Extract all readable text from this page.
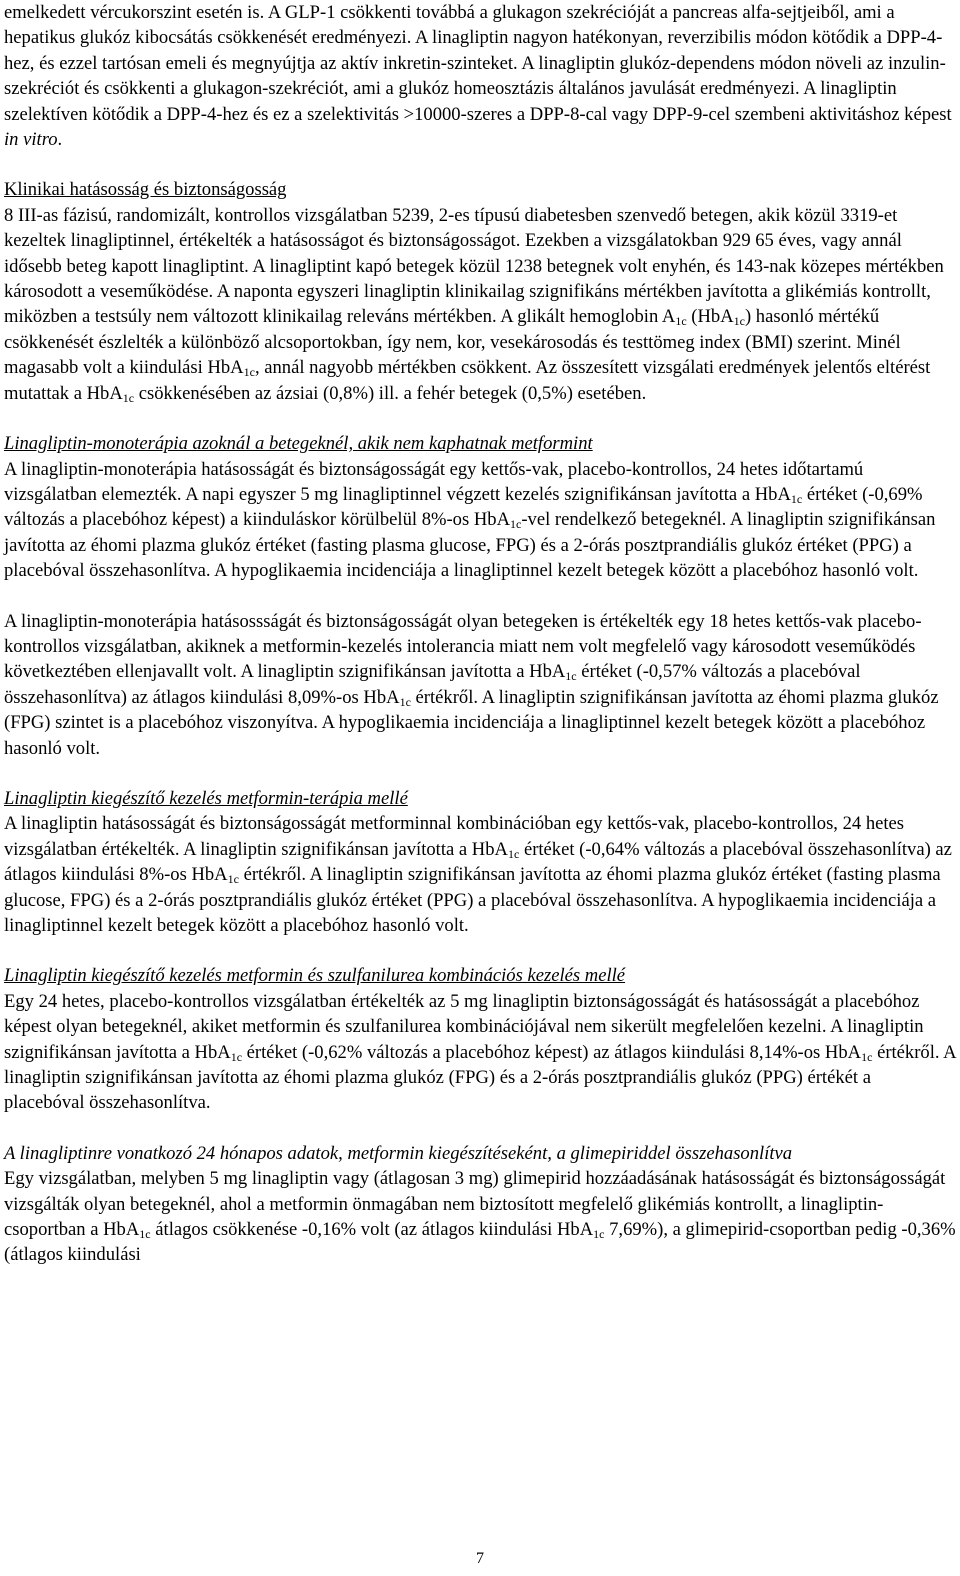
emelkedett vércukorszint esetén is. A GLP-1 csökkenti továbbá a glukagon szekrécióját a pancreas alfa-sejtjeiből, ami a hepatikus glukóz kibocsátás csökkenését eredményezi. A linagliptin nagyon hatékonyan, reverzibilis módon kötődik a DPP-4-hez, és ezzel tartósan emeli és megnyújtja az aktív inkretin-szinteket. A linagliptin glukóz-dependens módon növeli az inzulin-szekréciót és csökkenti a glukagon-szekréciót, ami a glukóz homeosztázis általános javulását eredményezi. A linagliptin szelektíven kötődik a DPP-4-hez és ez a szelektivitás >10000-szeres a DPP-8-cal vagy DPP-9-cel szembeni aktivitáshoz képest in vitro.

Klinikai hatásosság és biztonságosság

8 III-as fázisú, randomizált, kontrollos vizsgálatban 5239, 2-es típusú diabetesben szenvedő betegen, akik közül 3319-et kezeltek linagliptinnel, értékelték a hatásosságot és biztonságosságot. Ezekben a vizsgálatokban 929 65 éves, vagy annál idősebb beteg kapott linagliptint. A linagliptint kapó betegek közül 1238 betegnek volt enyhén, és 143-nak közepes mértékben károsodott a veseműködése. A naponta egyszeri linagliptin klinikailag szignifikáns mértékben javította a glikémiás kontrollt, miközben a testsúly nem változott klinikailag releváns mértékben. A glikált hemoglobin $A_{1c}$ (HbA$_{1c}$) hasonló mértékű csökkenését észlelték a különböző alcsoportokban, így nem, kor, vesekárosodás és testtömeg index (BMI) szerint. Minél magasabb volt a kiindulási HbA$_{1c}$, annál nagyobb mértékben csökkent. Az összesített vizsgálati eredmények jelentős eltérést mutattak a HbA$_{1c}$ csökkenésében az ázsiai (0,8%) ill. a fehér betegek (0,5%) esetében.

Linagliptin-monoterápia azoknál a betegeknél, akik nem kaphatnak metformint

A linagliptin-monoterápia hatásosságát és biztonságosságát egy kettős-vak, placebo-kontrollos, 24 hetes időtartamú vizsgálatban elemezték. A napi egyszer 5 mg linagliptinnel végzett kezelés szignifikánsan javította a HbA$_{1c}$ értéket (-0,69% változás a placebóhoz képest) a kiinduláskor körülbelül 8%-os HbA$_{1c}$-vel rendelkező betegeknél. A linagliptin szignifikánsan javította az éhomi plazma glukóz értéket (fasting plasma glucose, FPG) és a 2-órás posztprandiális glukóz értéket (PPG) a placebóval összehasonlítva. A hypoglikaemia incidenciája a linagliptinnel kezelt betegek között a placebóhoz hasonló volt.

A linagliptin-monoterápia hatásossságát és biztonságosságát olyan betegeken is értékelték egy 18 hetes kettős-vak placebo-kontrollos vizsgálatban, akiknek a metformin-kezelés intolerancia miatt nem volt megfelelő vagy károsodott veseműködés következtében ellenjavallt volt. A linagliptin szignifikánsan javította a HbA$_{1c}$ értéket (-0,57% változás a placebóval összehasonlítva) az átlagos kiindulási 8,09%-os HbA$_{1c}$ értékről. A linagliptin szignifikánsan javította az éhomi plazma glukóz (FPG) szintet is a placebóhoz viszonyítva. A hypoglikaemia incidenciája a linagliptinnel kezelt betegek között a placebóhoz hasonló volt.

Linagliptin kiegészítő kezelés metformin-terápia mellé

A linagliptin hatásosságát és biztonságosságát metforminnal kombinációban egy kettős-vak, placebo-kontrollos, 24 hetes vizsgálatban értékelték. A linagliptin szignifikánsan javította a HbA$_{1c}$ értéket (-0,64% változás a placebóval összehasonlítva) az átlagos kiindulási 8%-os HbA$_{1c}$ értékről. A linagliptin szignifikánsan javította az éhomi plazma glukóz értéket (fasting plasma glucose, FPG) és a 2-órás posztprandiális glukóz értéket (PPG) a placebóval összehasonlítva. A hypoglikaemia incidenciája a linagliptinnel kezelt betegek között a placebóhoz hasonló volt.

Linagliptin kiegészítő kezelés metformin és szulfanilurea kombinációs kezelés mellé

Egy 24 hetes, placebo-kontrollos vizsgálatban értékelték az 5 mg linagliptin biztonságosságát és hatásosságát a placebóhoz képest olyan betegeknél, akiket metformin és szulfanilurea kombinációjával nem sikerült megfelelően kezelni. A linagliptin szignifikánsan javította a HbA$_{1c}$ értéket (-0,62% változás a placebóhoz képest) az átlagos kiindulási 8,14%-os HbA$_{1c}$ értékről. A linagliptin szignifikánsan javította az éhomi plazma glukóz (FPG) és a 2-órás posztprandiális glukóz (PPG) értékét a placebóval összehasonlítva.

A linagliptinre vonatkozó 24 hónapos adatok, metformin kiegészítéseként, a glimepiriddel összehasonlítva

Egy vizsgálatban, melyben 5 mg linagliptin vagy (átlagosan 3 mg) glimepirid hozzáadásának hatásosságát és biztonságosságát vizsgálták olyan betegeknél, ahol a metformin önmagában nem biztosított megfelelő glikémiás kontrollt, a linagliptin-csoportban a HbA$_{1c}$ átlagos csökkenése -0,16% volt (az átlagos kiindulási HbA$_{1c}$ 7,69%), a glimepirid-csoportban pedig -0,36% (átlagos kiindulási

7
